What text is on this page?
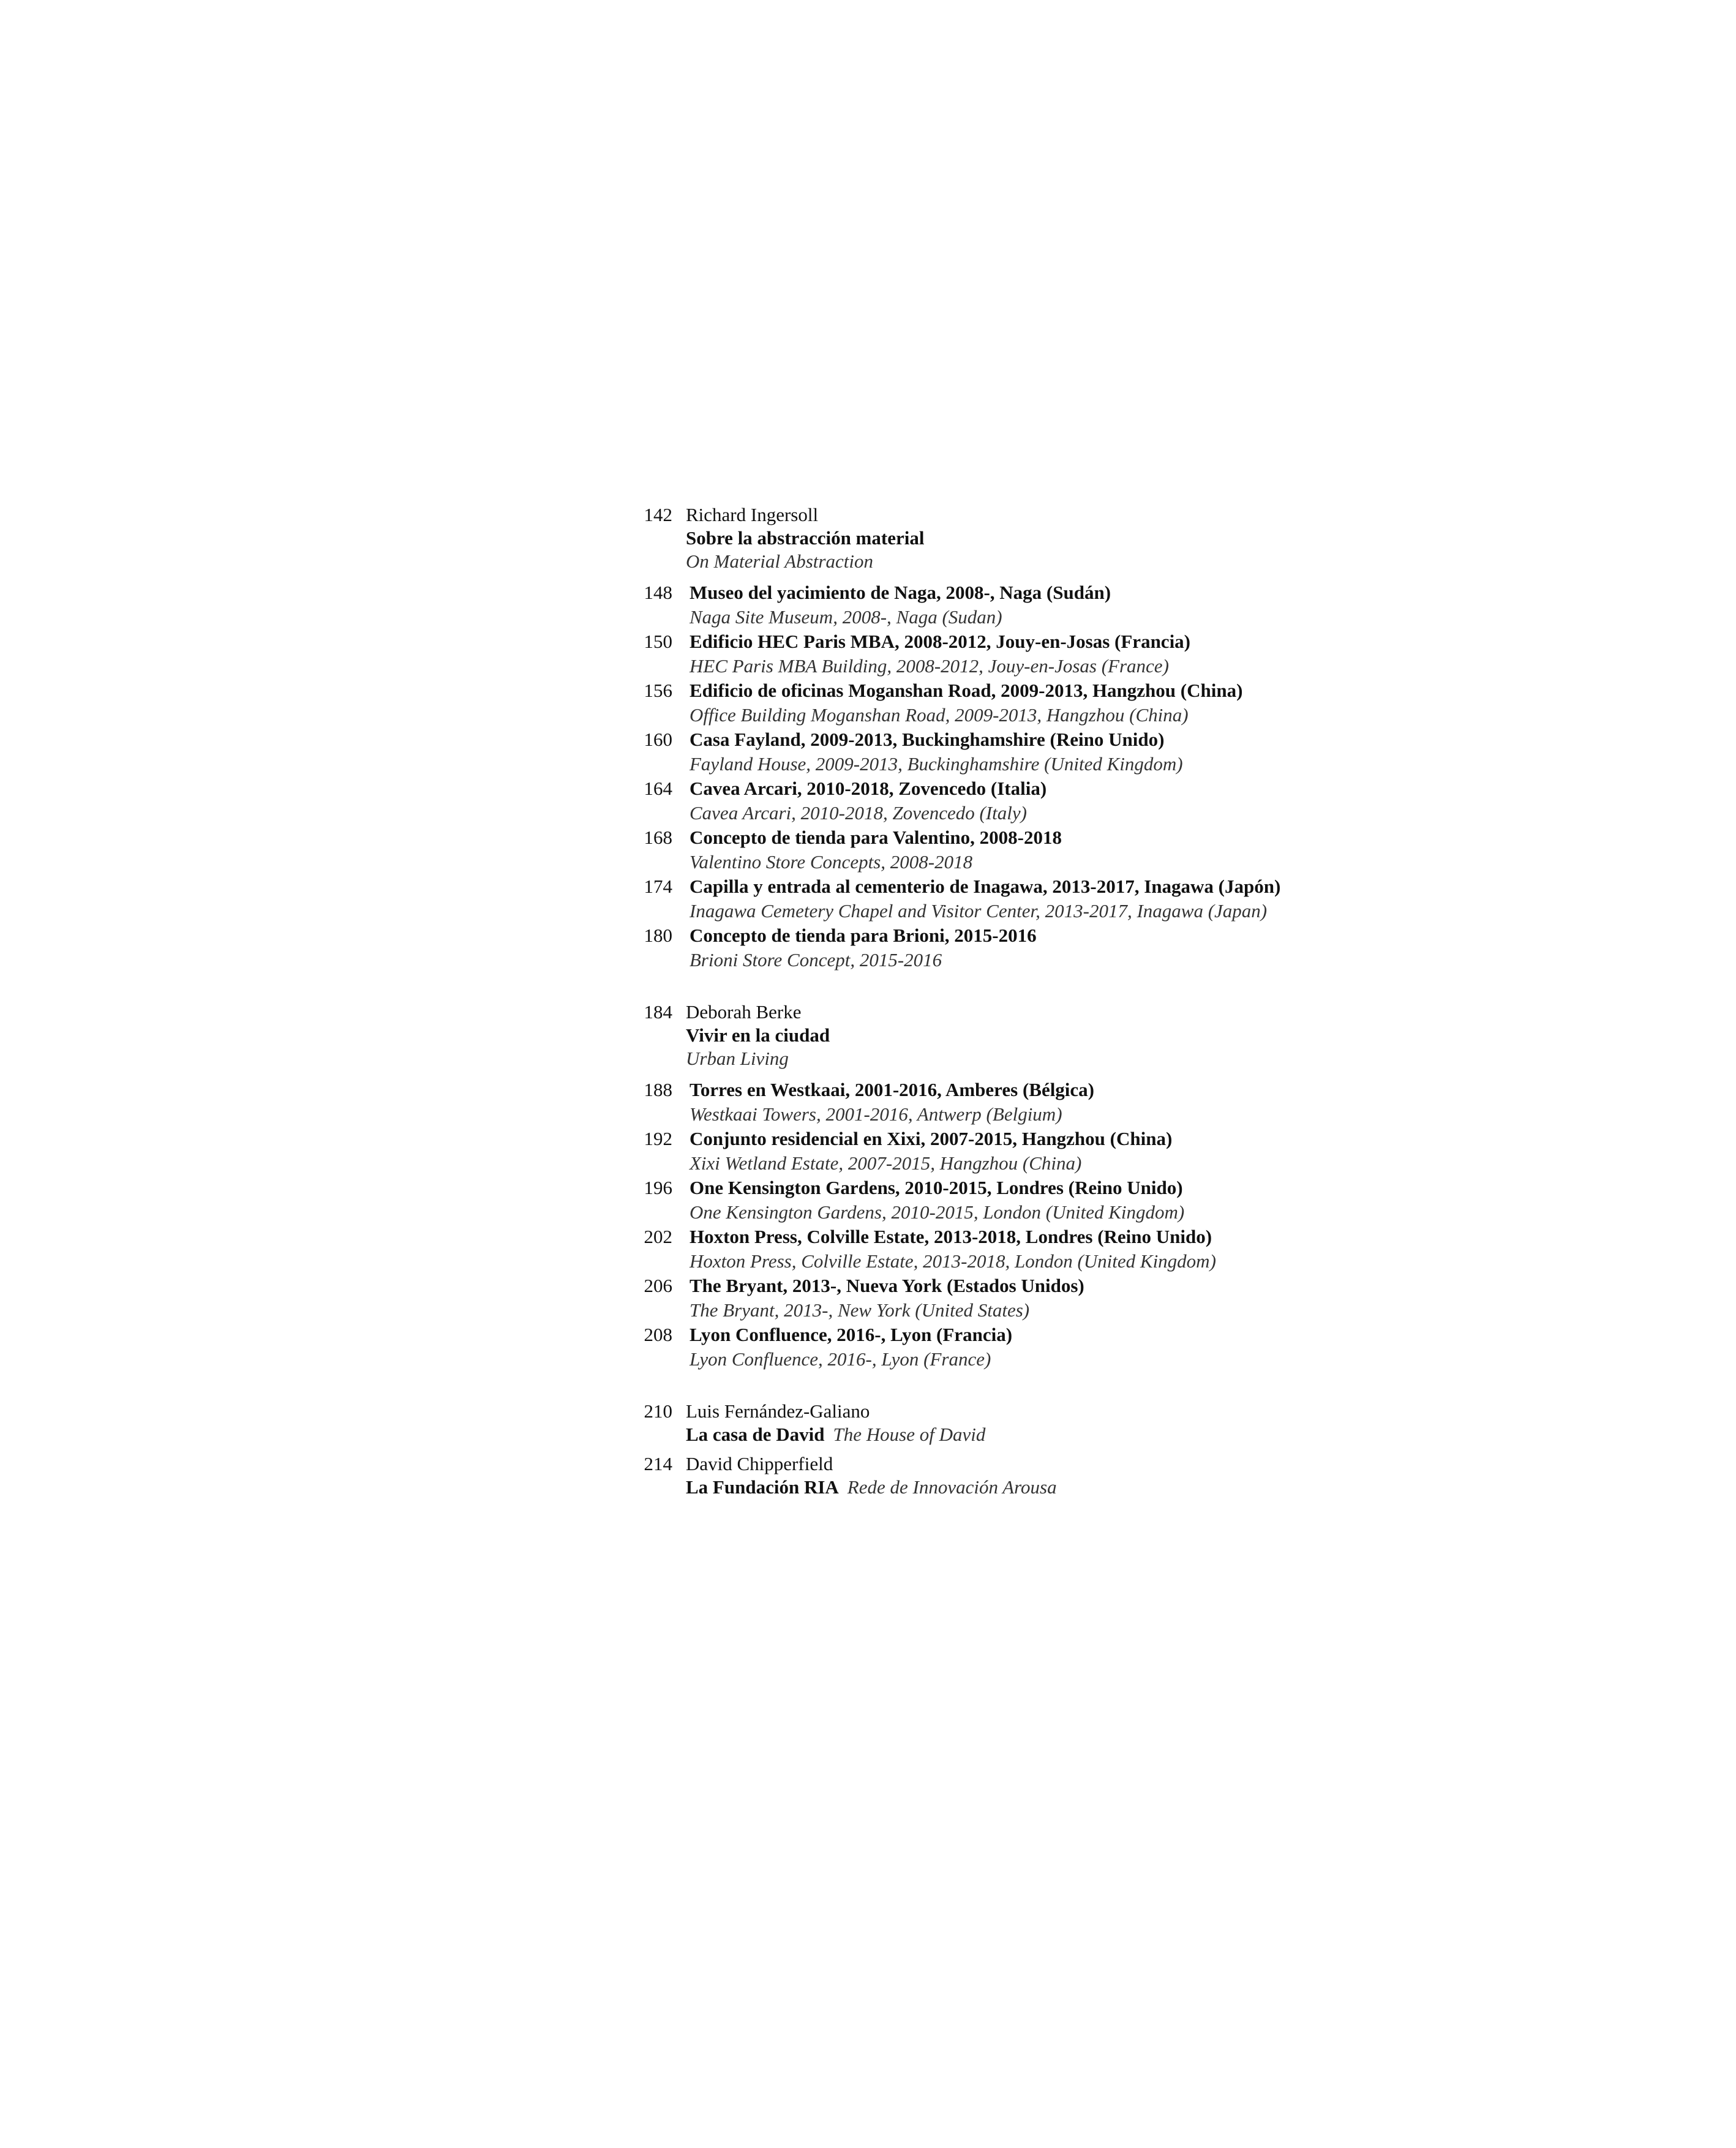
142 Richard Ingersoll
Sobre la abstracción material
On Material Abstraction
148 Museo del yacimiento de Naga, 2008-, Naga (Sudán)
Naga Site Museum, 2008-, Naga (Sudan)
150 Edificio HEC Paris MBA, 2008-2012, Jouy-en-Josas (Francia)
HEC Paris MBA Building, 2008-2012, Jouy-en-Josas (France)
156 Edificio de oficinas Moganshan Road, 2009-2013, Hangzhou (China)
Office Building Moganshan Road, 2009-2013, Hangzhou (China)
160 Casa Fayland, 2009-2013, Buckinghamshire (Reino Unido)
Fayland House, 2009-2013, Buckinghamshire (United Kingdom)
164 Cavea Arcari, 2010-2018, Zovencedo (Italia)
Cavea Arcari, 2010-2018, Zovencedo (Italy)
168 Concepto de tienda para Valentino, 2008-2018
Valentino Store Concepts, 2008-2018
174 Capilla y entrada al cementerio de Inagawa, 2013-2017, Inagawa (Japón)
Inagawa Cemetery Chapel and Visitor Center, 2013-2017, Inagawa (Japan)
180 Concepto de tienda para Brioni, 2015-2016
Brioni Store Concept, 2015-2016
184 Deborah Berke
Vivir en la ciudad
Urban Living
188 Torres en Westkaai, 2001-2016, Amberes (Bélgica)
Westkaai Towers, 2001-2016, Antwerp (Belgium)
192 Conjunto residencial en Xixi, 2007-2015, Hangzhou (China)
Xixi Wetland Estate, 2007-2015, Hangzhou (China)
196 One Kensington Gardens, 2010-2015, Londres (Reino Unido)
One Kensington Gardens, 2010-2015, London (United Kingdom)
202 Hoxton Press, Colville Estate, 2013-2018, Londres (Reino Unido)
Hoxton Press, Colville Estate, 2013-2018, London (United Kingdom)
206 The Bryant, 2013-, Nueva York (Estados Unidos)
The Bryant, 2013-, New York (United States)
208 Lyon Confluence, 2016-, Lyon (Francia)
Lyon Confluence, 2016-, Lyon (France)
210 Luis Fernández-Galiano
La casa de David The House of David
214 David Chipperfield
La Fundación RIA Rede de Innovación Arousa
